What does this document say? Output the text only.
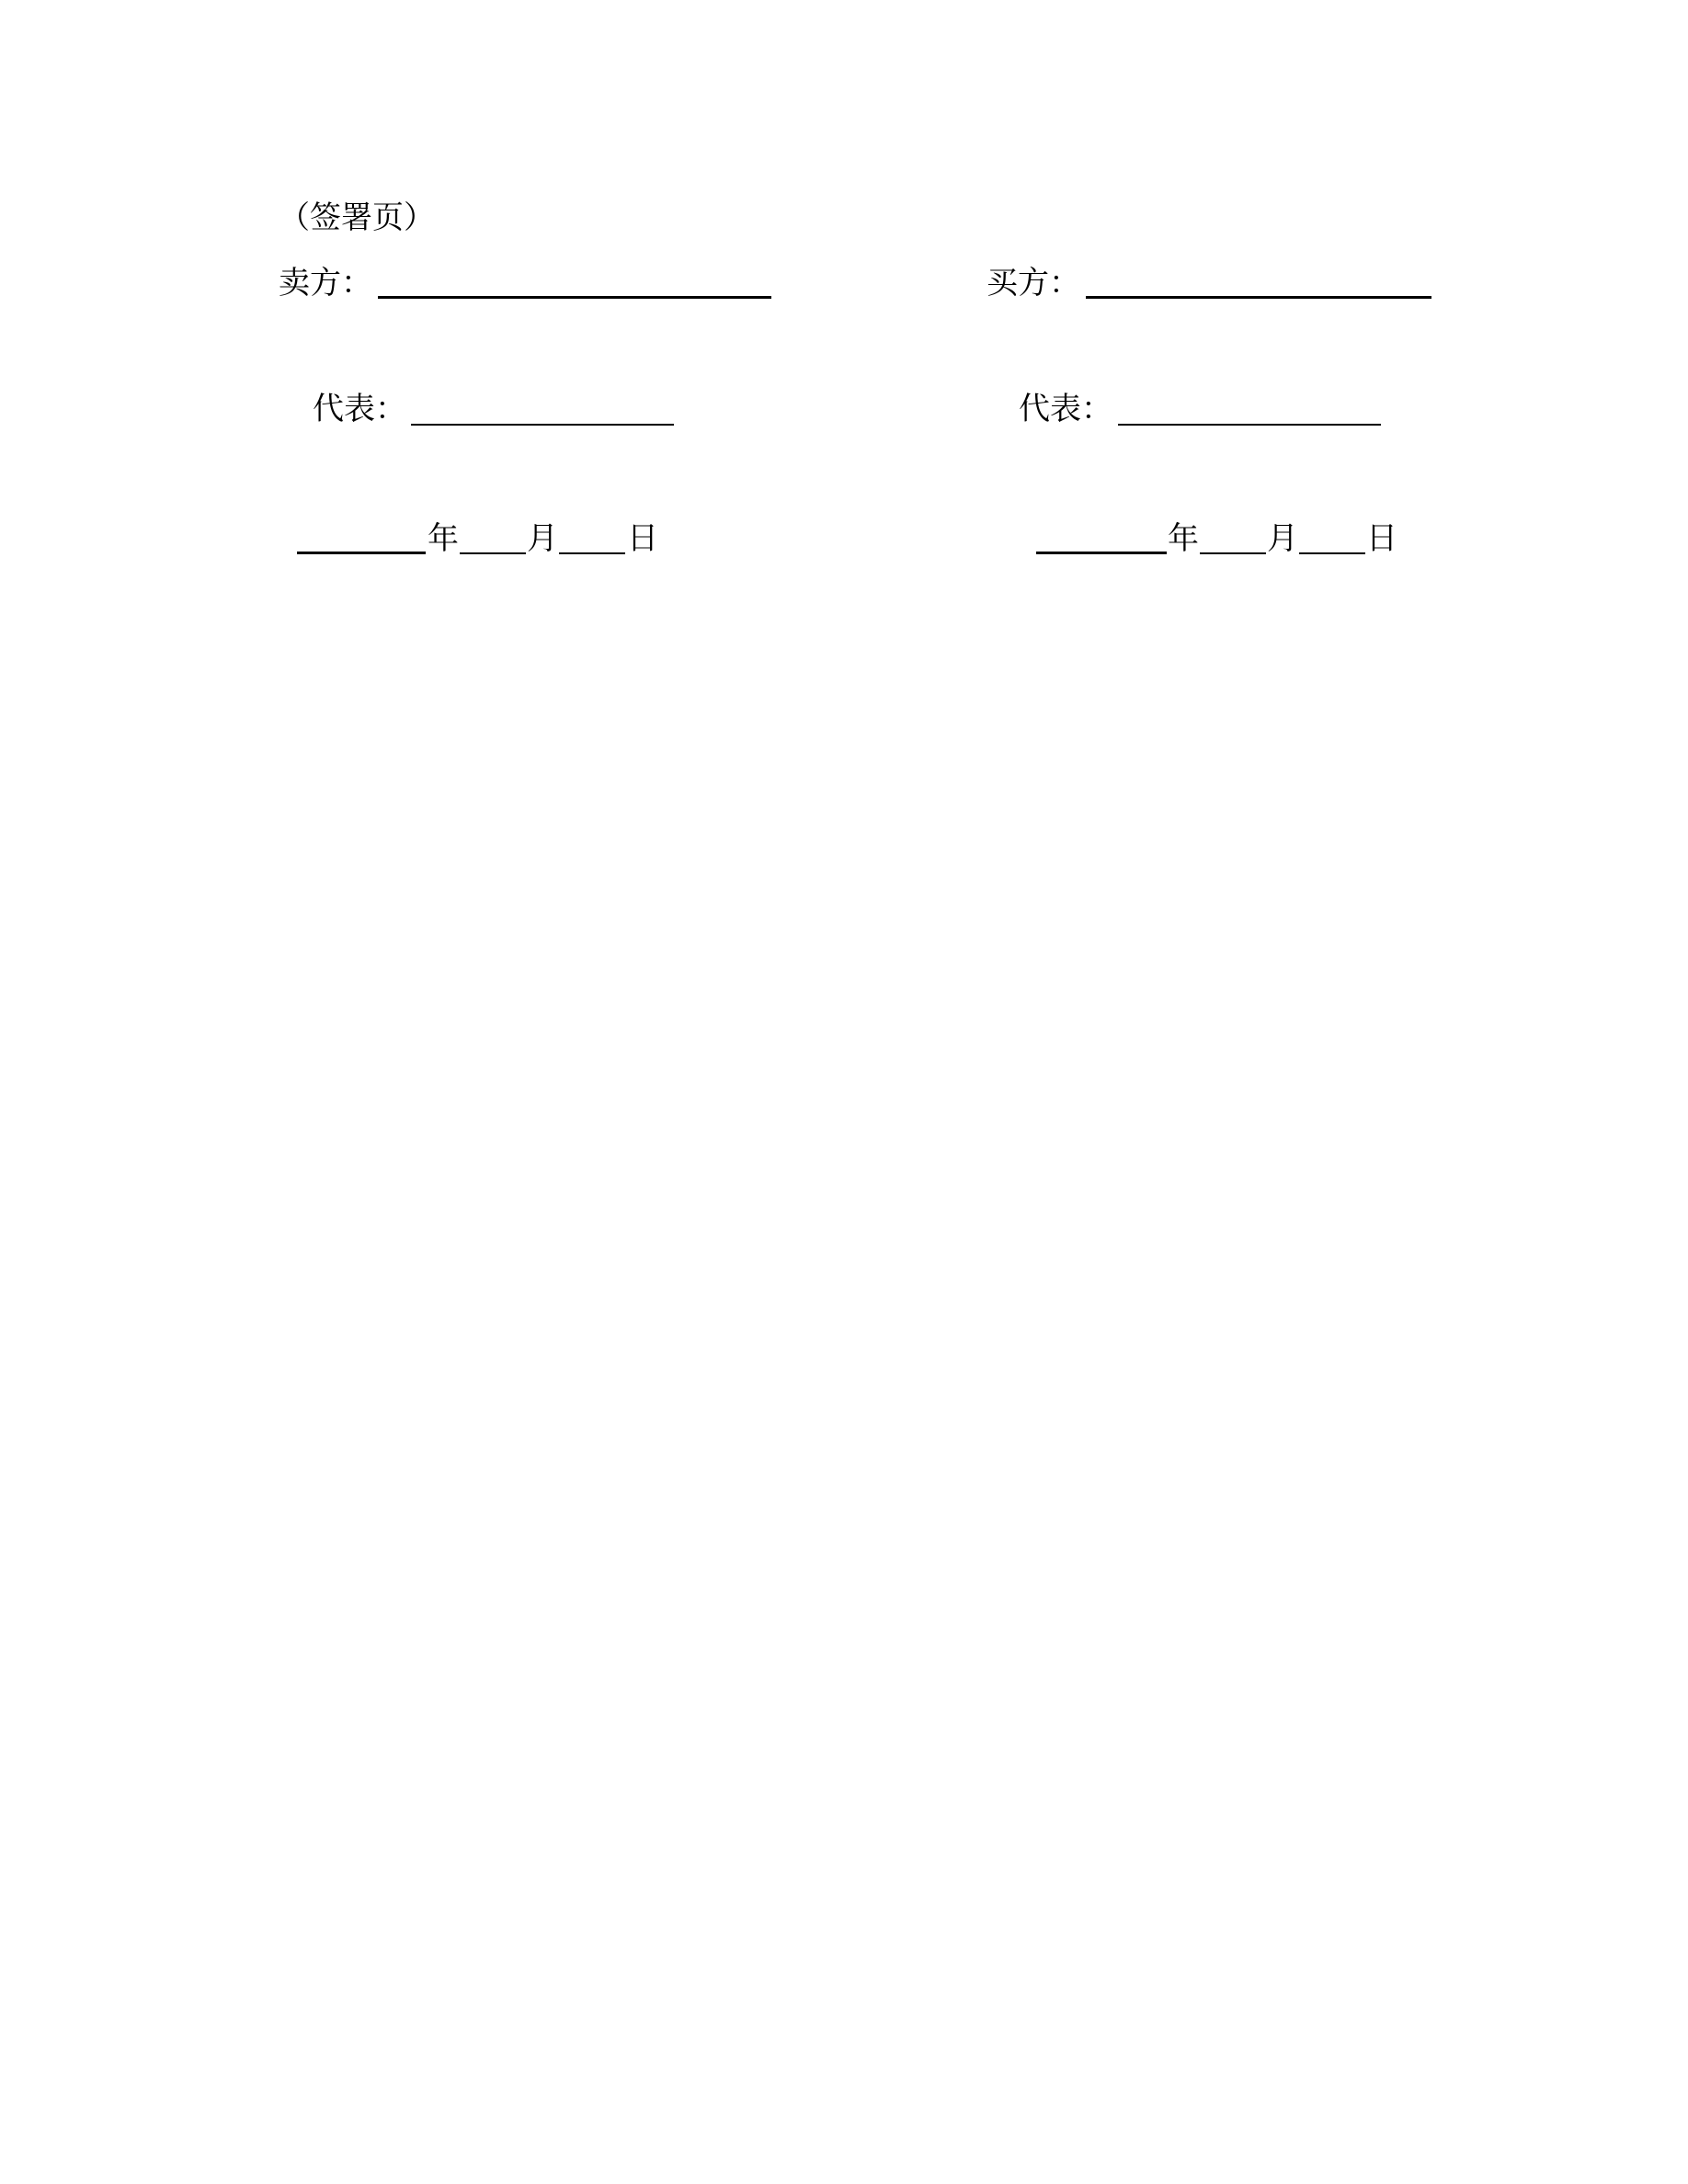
（签署页）
卖方：
代表：
年 月 日
买方：
代表：
年 月 日
